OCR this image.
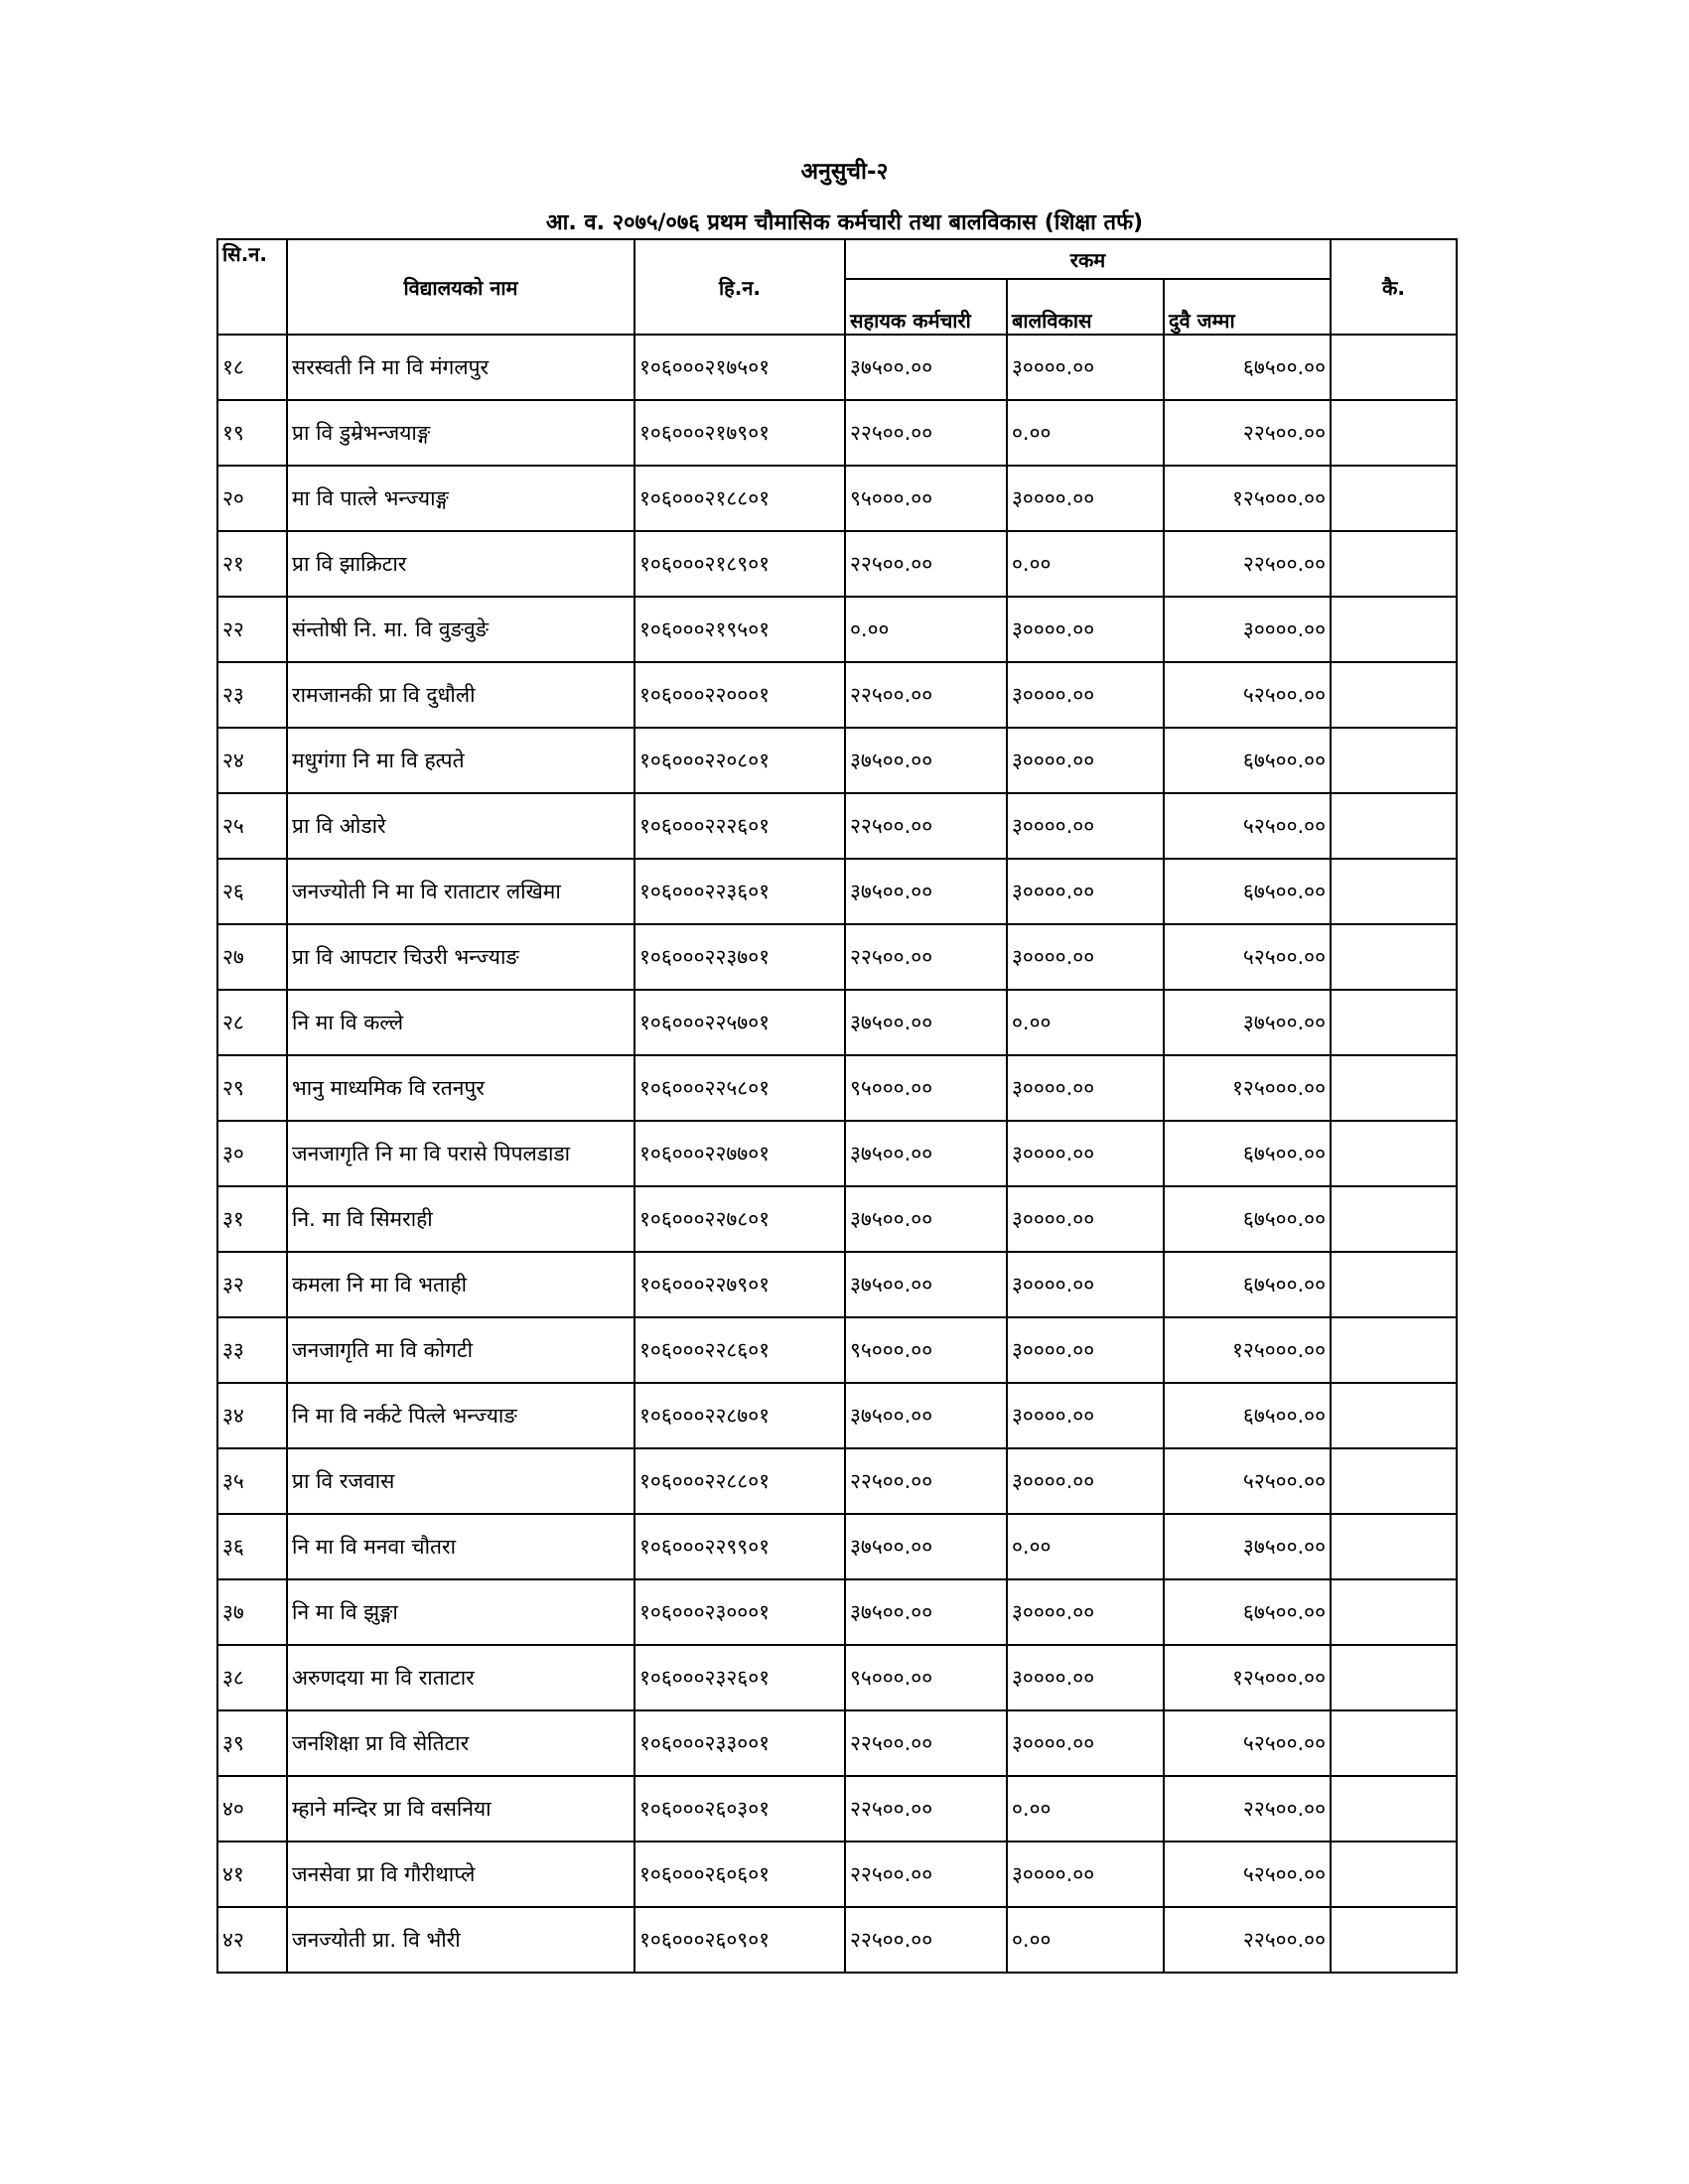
अनुसुची-२
आ. व. २०७५/०७६ प्रथम चौमासिक कर्मचारी तथा बालविकास (शिक्षा तर्फ)
सि.न.	विद्यालयको नाम	हि.न.	रकम			कै.
			सहायक कर्मचारी	बालविकास	दुवै जम्मा	
१८	सरस्वती नि मा वि मंगलपुर	१०६०००२१७५०१	३७५००.००	३००००.००	६७५००.००	
१९	प्रा वि डुम्रेभन्जयाङ्ग	१०६०००२१७९०१	२२५००.००	०.००	२२५००.००	
२०	मा वि पात्ले भन्ज्याङ्ग	१०६०००२१८८०१	९५०००.००	३००००.००	१२५०००.००	
२१	प्रा वि झाक्रिटार	१०६०००२१८९०१	२२५००.००	०.००	२२५००.००	
२२	संन्तोषी नि. मा. वि वुङवुङे	१०६०००२१९५०१	०.००	३००००.००	३००००.००	
२३	रामजानकी प्रा वि दुधौली	१०६०००२२०००१	२२५००.००	३००००.००	५२५००.००	
२४	मधुगंगा नि मा वि हत्पते	१०६०००२२०८०१	३७५००.००	३००००.००	६७५००.००	
२५	प्रा वि ओडारे	१०६०००२२२६०१	२२५००.००	३००००.००	५२५००.००	
२६	जनज्योती नि मा वि राताटार लखिमा	१०६०००२२३६०१	३७५००.००	३००००.००	६७५००.००	
२७	प्रा वि आपटार चिउरी भन्ज्याङ	१०६०००२२३७०१	२२५००.००	३००००.००	५२५००.००	
२८	नि मा वि कल्ले	१०६०००२२५७०१	३७५००.००	०.००	३७५००.००	
२९	भानु माध्यमिक वि रतनपुर	१०६०००२२५८०१	९५०००.००	३००००.००	१२५०००.००	
३०	जनजागृति नि मा वि परासे पिपलडाडा	१०६०००२२७७०१	३७५००.००	३००००.००	६७५००.००	
३१	नि. मा वि सिमराही	१०६०००२२७८०१	३७५००.००	३००००.००	६७५००.००	
३२	कमला नि मा वि भताही	१०६०००२२७९०१	३७५००.००	३००००.००	६७५००.००	
३३	जनजागृति मा वि कोगटी	१०६०००२२८६०१	९५०००.००	३००००.००	१२५०००.००	
३४	नि मा वि नर्कटे पित्ले भन्ज्याङ	१०६०००२२८७०१	३७५००.००	३००००.००	६७५००.००	
३५	प्रा वि रजवास	१०६०००२२८८०१	२२५००.००	३००००.००	५२५००.००	
३६	नि मा वि मनवा चौतरा	१०६०००२२९९०१	३७५००.००	०.००	३७५००.००	
३७	नि मा वि झुङ्गा	१०६०००२३०००१	३७५००.००	३००००.००	६७५००.००	
३८	अरुणदया मा वि राताटार	१०६०००२३२६०१	९५०००.००	३००००.००	१२५०००.००	
३९	जनशिक्षा प्रा वि सेतिटार	१०६०००२३३००१	२२५००.००	३००००.००	५२५००.००	
४०	म्हाने मन्दिर प्रा वि वसनिया	१०६०००२६०३०१	२२५००.००	०.००	२२५००.००	
४१	जनसेवा प्रा वि गौरीथाप्ले	१०६०००२६०६०१	२२५००.००	३००००.००	५२५००.००	
४२	जनज्योती प्रा. वि भौरी	१०६०००२६०९०१	२२५००.००	०.००	२२५००.००	
